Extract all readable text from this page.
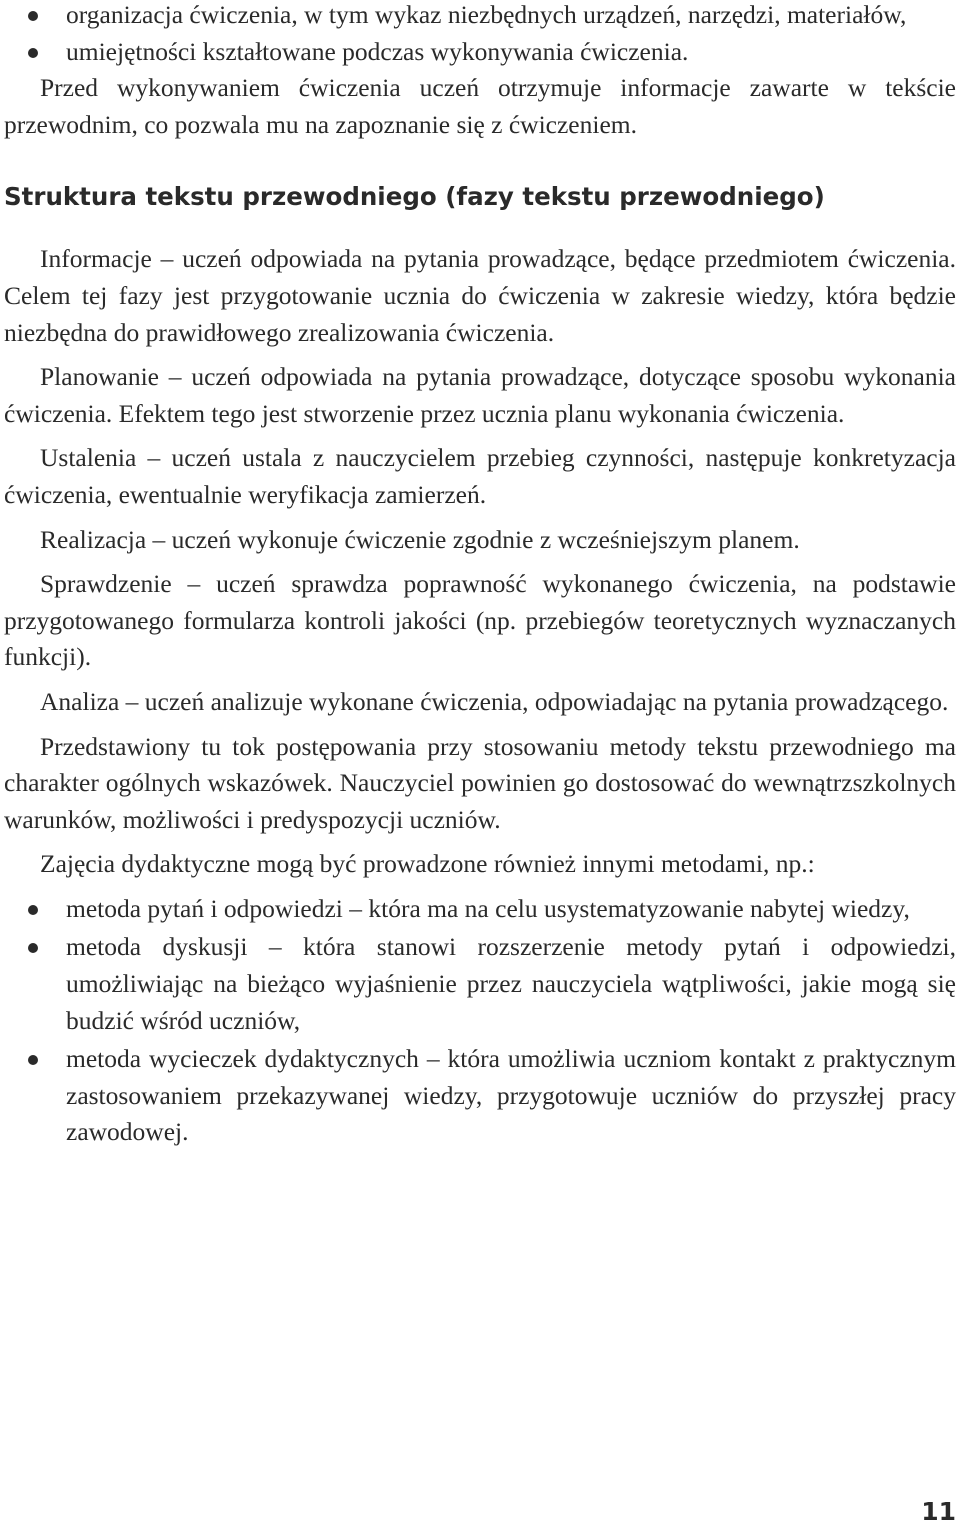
organizacja ćwiczenia, w tym wykaz niezbędnych urządzeń, narzędzi, materiałów,
umiejętności kształtowane podczas wykonywania ćwiczenia.

Przed wykonywaniem ćwiczenia uczeń otrzymuje informacje zawarte w tekście przewodnim, co pozwala mu na zapoznanie się z ćwiczeniem.

Struktura tekstu przewodniego (fazy tekstu przewodniego)

Informacje – uczeń odpowiada na pytania prowadzące, będące przedmiotem ćwiczenia. Celem tej fazy jest przygotowanie ucznia do ćwiczenia w zakresie wiedzy, która będzie niezbędna do prawidłowego zrealizowania ćwiczenia.

Planowanie – uczeń odpowiada na pytania prowadzące, dotyczące sposobu wykonania ćwiczenia. Efektem tego jest stworzenie przez ucznia planu wykonania ćwiczenia.

Ustalenia – uczeń ustala z nauczycielem przebieg czynności, następuje konkretyzacja ćwiczenia, ewentualnie weryfikacja zamierzeń.

Realizacja – uczeń wykonuje ćwiczenie zgodnie z wcześniejszym planem.

Sprawdzenie – uczeń sprawdza poprawność wykonanego ćwiczenia, na podstawie przygotowanego formularza kontroli jakości (np. przebiegów teoretycznych wyznaczanych funkcji).

Analiza – uczeń analizuje wykonane ćwiczenia, odpowiadając na pytania prowadzącego.

Przedstawiony tu tok postępowania przy stosowaniu metody tekstu przewodniego ma charakter ogólnych wskazówek. Nauczyciel powinien go dostosować do wewnątrzszkolnych warunków, możliwości i predyspozycji uczniów.

Zajęcia dydaktyczne mogą być prowadzone również innymi metodami, np.:

metoda pytań i odpowiedzi – która ma na celu usystematyzowanie nabytej wiedzy,
metoda dyskusji – która stanowi rozszerzenie metody pytań i odpowiedzi, umożliwiając na bieżąco wyjaśnienie przez nauczyciela wątpliwości, jakie mogą się budzić wśród uczniów,
metoda wycieczek dydaktycznych – która umożliwia uczniom kontakt z praktycznym zastosowaniem przekazywanej wiedzy, przygotowuje uczniów do przyszłej pracy zawodowej.
11
